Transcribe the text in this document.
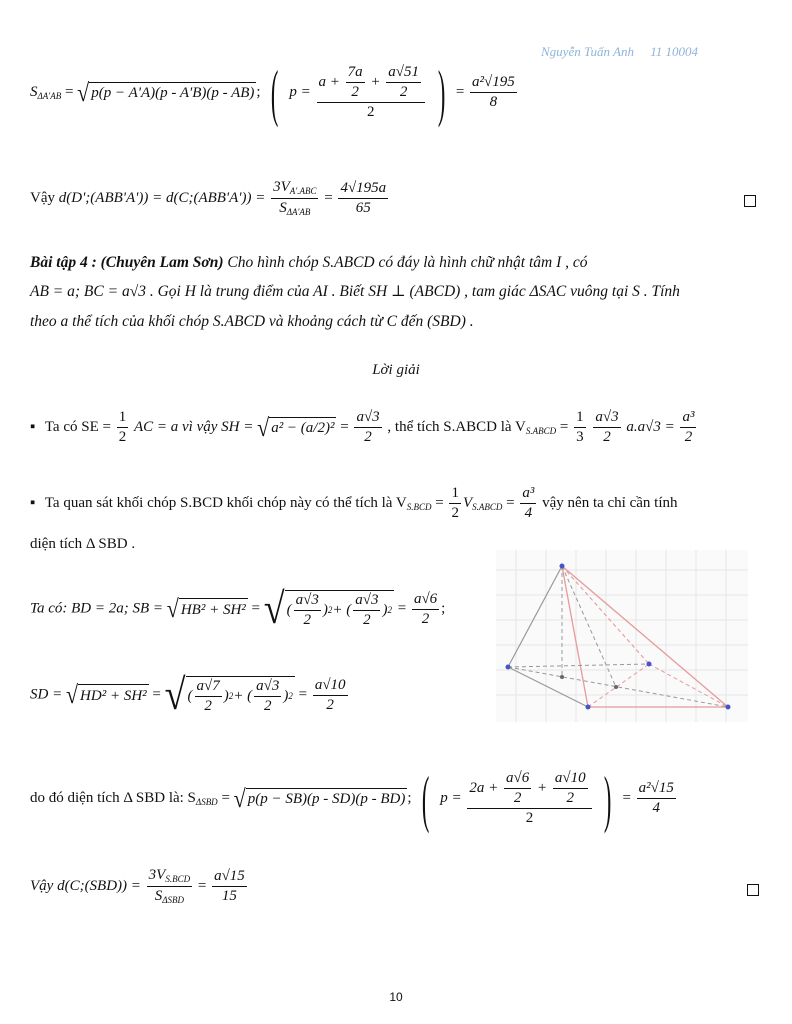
Nguyễn Tuấn Anh 11 10004
$S_{\Delta A'AB}$ = √ p(p − A'A)(p - A'B)(p - AB) ; ( $p = \frac{a + \frac{7a}{2} + \frac{a√51}{2}}{2}$ ) = $\frac{\text{a²√195}}{8}$
Vậy d(D';(ABB'A')) = d(C;(ABB'A')) = $\frac{3V_{A'.ABC}}{S_{\Delta A'AB}} = \frac{4√195a}{65}$
Bài tập 4 : (Chuyên Lam Sơn) Cho hình chóp S.ABCD có đáy là hình chữ nhật tâm I , có
AB = a; BC = a√3 . Gọi H là trung điểm của AI . Biết SH ⊥ (ABCD) , tam giác ΔSAC vuông tại S . Tính
theo a thể tích của khối chóp S.ABCD và khoảng cách từ C đến (SBD) .
Lời giải
▪ Ta có SE = $\frac{1}{2}$ AC = a vì vậy SH = √ $a^2 - (a/2)^2 = \frac{a√3}{2}$ , thể tích S.ABCD là $V_{S.ABCD} = \frac{1}{3}$
$\frac{a√3}{2} a.a√3 = \frac{\text{a³}}{2}$
▪ Ta quan sát khối chóp S.BCD khối chóp này có thể tích là $V_{S.BCD} = \frac{1}{2} V_{S.ABCD} = \frac{\text{a³}}{4}$ vậy nên ta chỉ cần tính
diện tích Δ SBD .
Ta có: BD = 2a; SB = √ HB² + SH² = √ ( $\frac{a√3}{2}$ ) 2 + ( $\frac{a√3}{2}$ ) $2 = \frac{a√6}{2}$ ;
SD = √ HD² + SH² = √ ( $\frac{a√7}{2}$ ) 2 + ( $\frac{a√3}{2}$ ) $2 = \frac{a√10}{2}$
do đó diện tích Δ SBD là: $S_{\Delta SBD}$ = √ p(p − SB)(p - SD)(p - BD) ; ( $p = \frac{2a + \frac{a√6}{2} + \frac{a√10}{2}}{2}$ ) = $\frac{\text{a²√15}}{4}$
Vậy d(C;(SBD)) = $\frac{3V_{S.BCD}}{S_{\Delta SBD}} = \frac{a√15}{15}$
10
